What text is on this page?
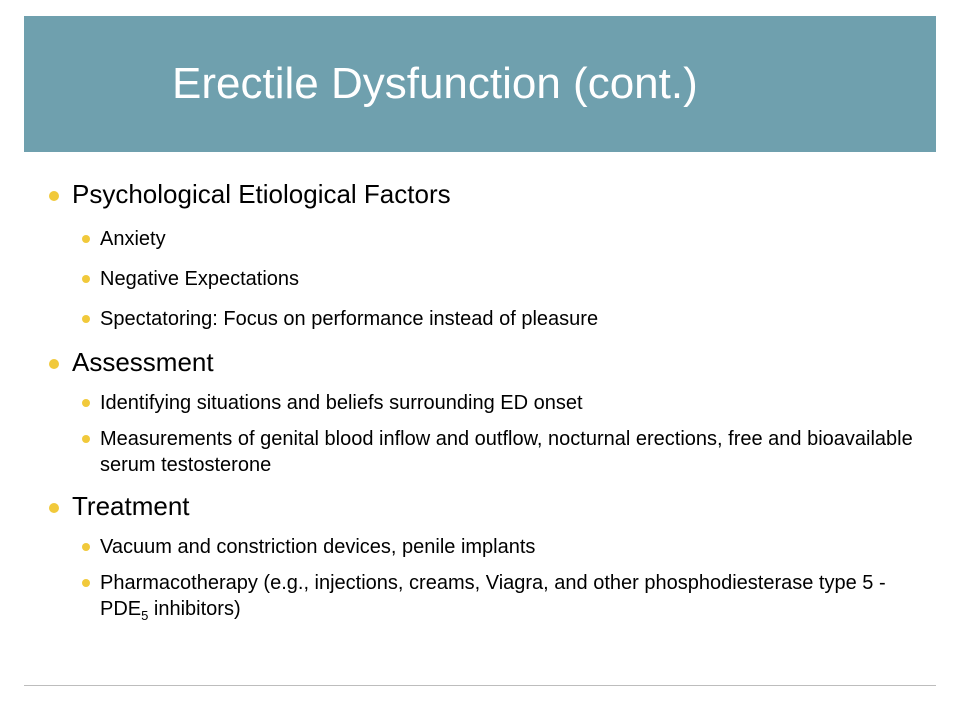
Erectile Dysfunction (cont.)
Psychological Etiological Factors
Anxiety
Negative Expectations
Spectatoring: Focus on performance instead of pleasure
Assessment
Identifying situations and beliefs surrounding ED onset
Measurements of genital blood inflow and outflow, nocturnal erections, free and bioavailable serum testosterone
Treatment
Vacuum and constriction devices, penile implants
Pharmacotherapy (e.g., injections, creams, Viagra, and other phosphodiesterase type $5 - PDE_5$ inhibitors)
